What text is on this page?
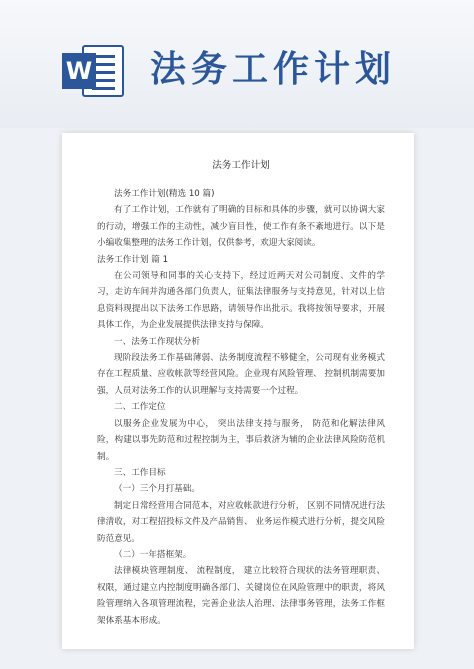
W 法务工作计划
法务工作计划
法务工作计划(精选 10 篇)
有了工作计划，工作就有了明确的目标和具体的步骤，就可以协调大家的行动，增强工作的主动性，减少盲目性，使工作有条不紊地进行。以下是小编收集整理的法务工作计划，仅供参考，欢迎大家阅读。
法务工作计划 篇 1
在公司领导和同事的关心支持下，经过近两天对公司制度、文件的学习，走访车间并沟通各部门负责人，征集法律服务与支持意见，针对以上信息资料现提出以下法务工作思路，请领导作出批示。我将按领导要求，开展具体工作，为企业发展提供法律支持与保障。
一、法务工作现状分析
现阶段法务工作基础薄弱、法务制度流程不够健全，公司现有业务模式存在工程质量、应收帐款等经营风险。企业现有风险管理、 控制机制需要加强，人员对法务工作的认识理解与支持需要一个过程。
二、工作定位
以服务企业发展为中心， 突出法律支持与服务， 防范和化解法律风险，构建以事先防范和过程控制为主，事后救济为辅的企业法律风险防范机制。
三、工作目标
（一）三个月打基础。
制定日常经营用合同范本，对应收帐款进行分析， 区别不同情况进行法律清收，对工程招投标文件及产品销售、 业务运作模式进行分析，提交风险防范意见。
（二）一年搭框架。
法律模块管理制度、 流程制度， 建立比较符合现状的法务管理职责、 权限，通过建立内控制度明确各部门、关键岗位在风险管理中的职责，将风险管理纳入各项管理流程，完善企业法人治理、法律事务管理，法务工作框架体系基本形成。
